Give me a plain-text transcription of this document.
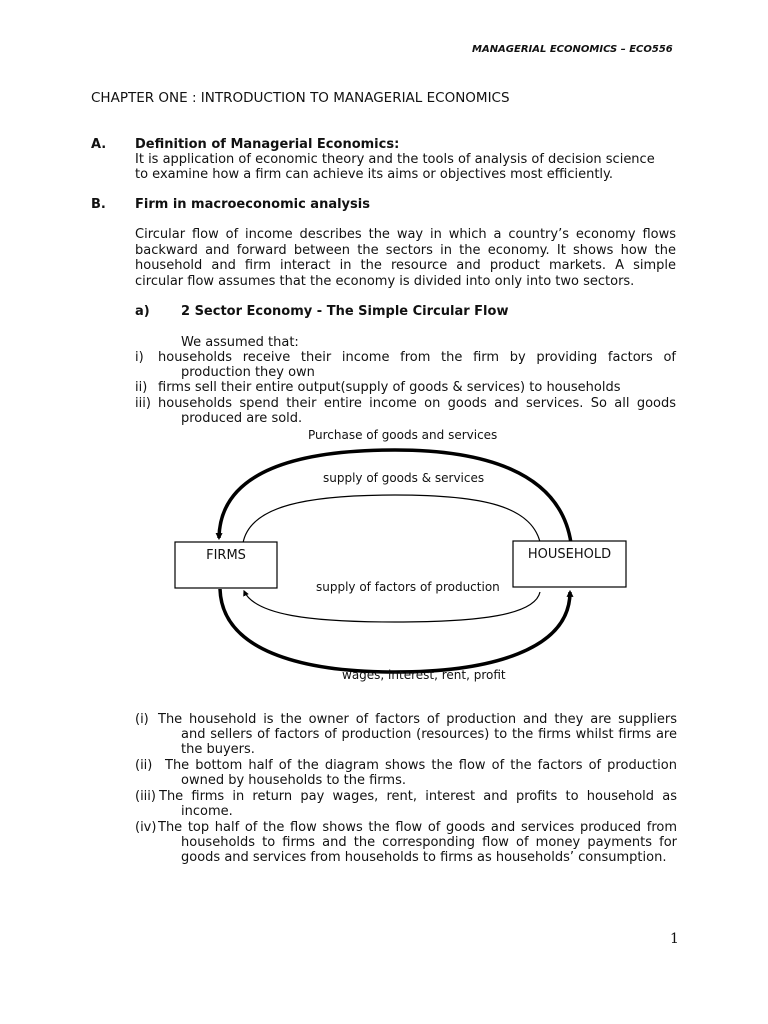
MANAGERIAL ECONOMICS – ECO556
CHAPTER ONE : INTRODUCTION TO MANAGERIAL ECONOMICS
A. Definition of Managerial Economics:
It is application of economic theory and the tools of analysis of decision science
to examine how a firm can achieve its aims or objectives most efficiently.
B. Firm in macroeconomic analysis
Circular flow of income describes the way in which a country’s economy flows
backward and forward between the sectors in the economy. It shows how the
household and firm interact in the resource and product markets. A simple
circular flow assumes that the economy is divided into only into two sectors.
a) 2 Sector Economy - The Simple Circular Flow
We assumed that:
i) households receive their income from the firm by providing factors of
production they own
ii) firms sell their entire output(supply of goods & services) to households
iii) households spend their entire income on goods and services. So all goods
produced are sold.
Purchase of goods and services
supply of goods & services
FIRMS	HOUSEHOLD
supply of factors of production
wages, interest, rent, profit
(i) The household is the owner of factors of production and they are suppliers
and sellers of factors of production (resources) to the firms whilst firms are
the buyers.
(ii) The bottom half of the diagram shows the flow of the factors of production
owned by households to the firms.
(iii) The firms in return pay wages, rent, interest and profits to household as
income.
(iv) The top half of the flow shows the flow of goods and services produced from
households to firms and the corresponding flow of money payments for
goods and services from households to firms as households’ consumption.
1
